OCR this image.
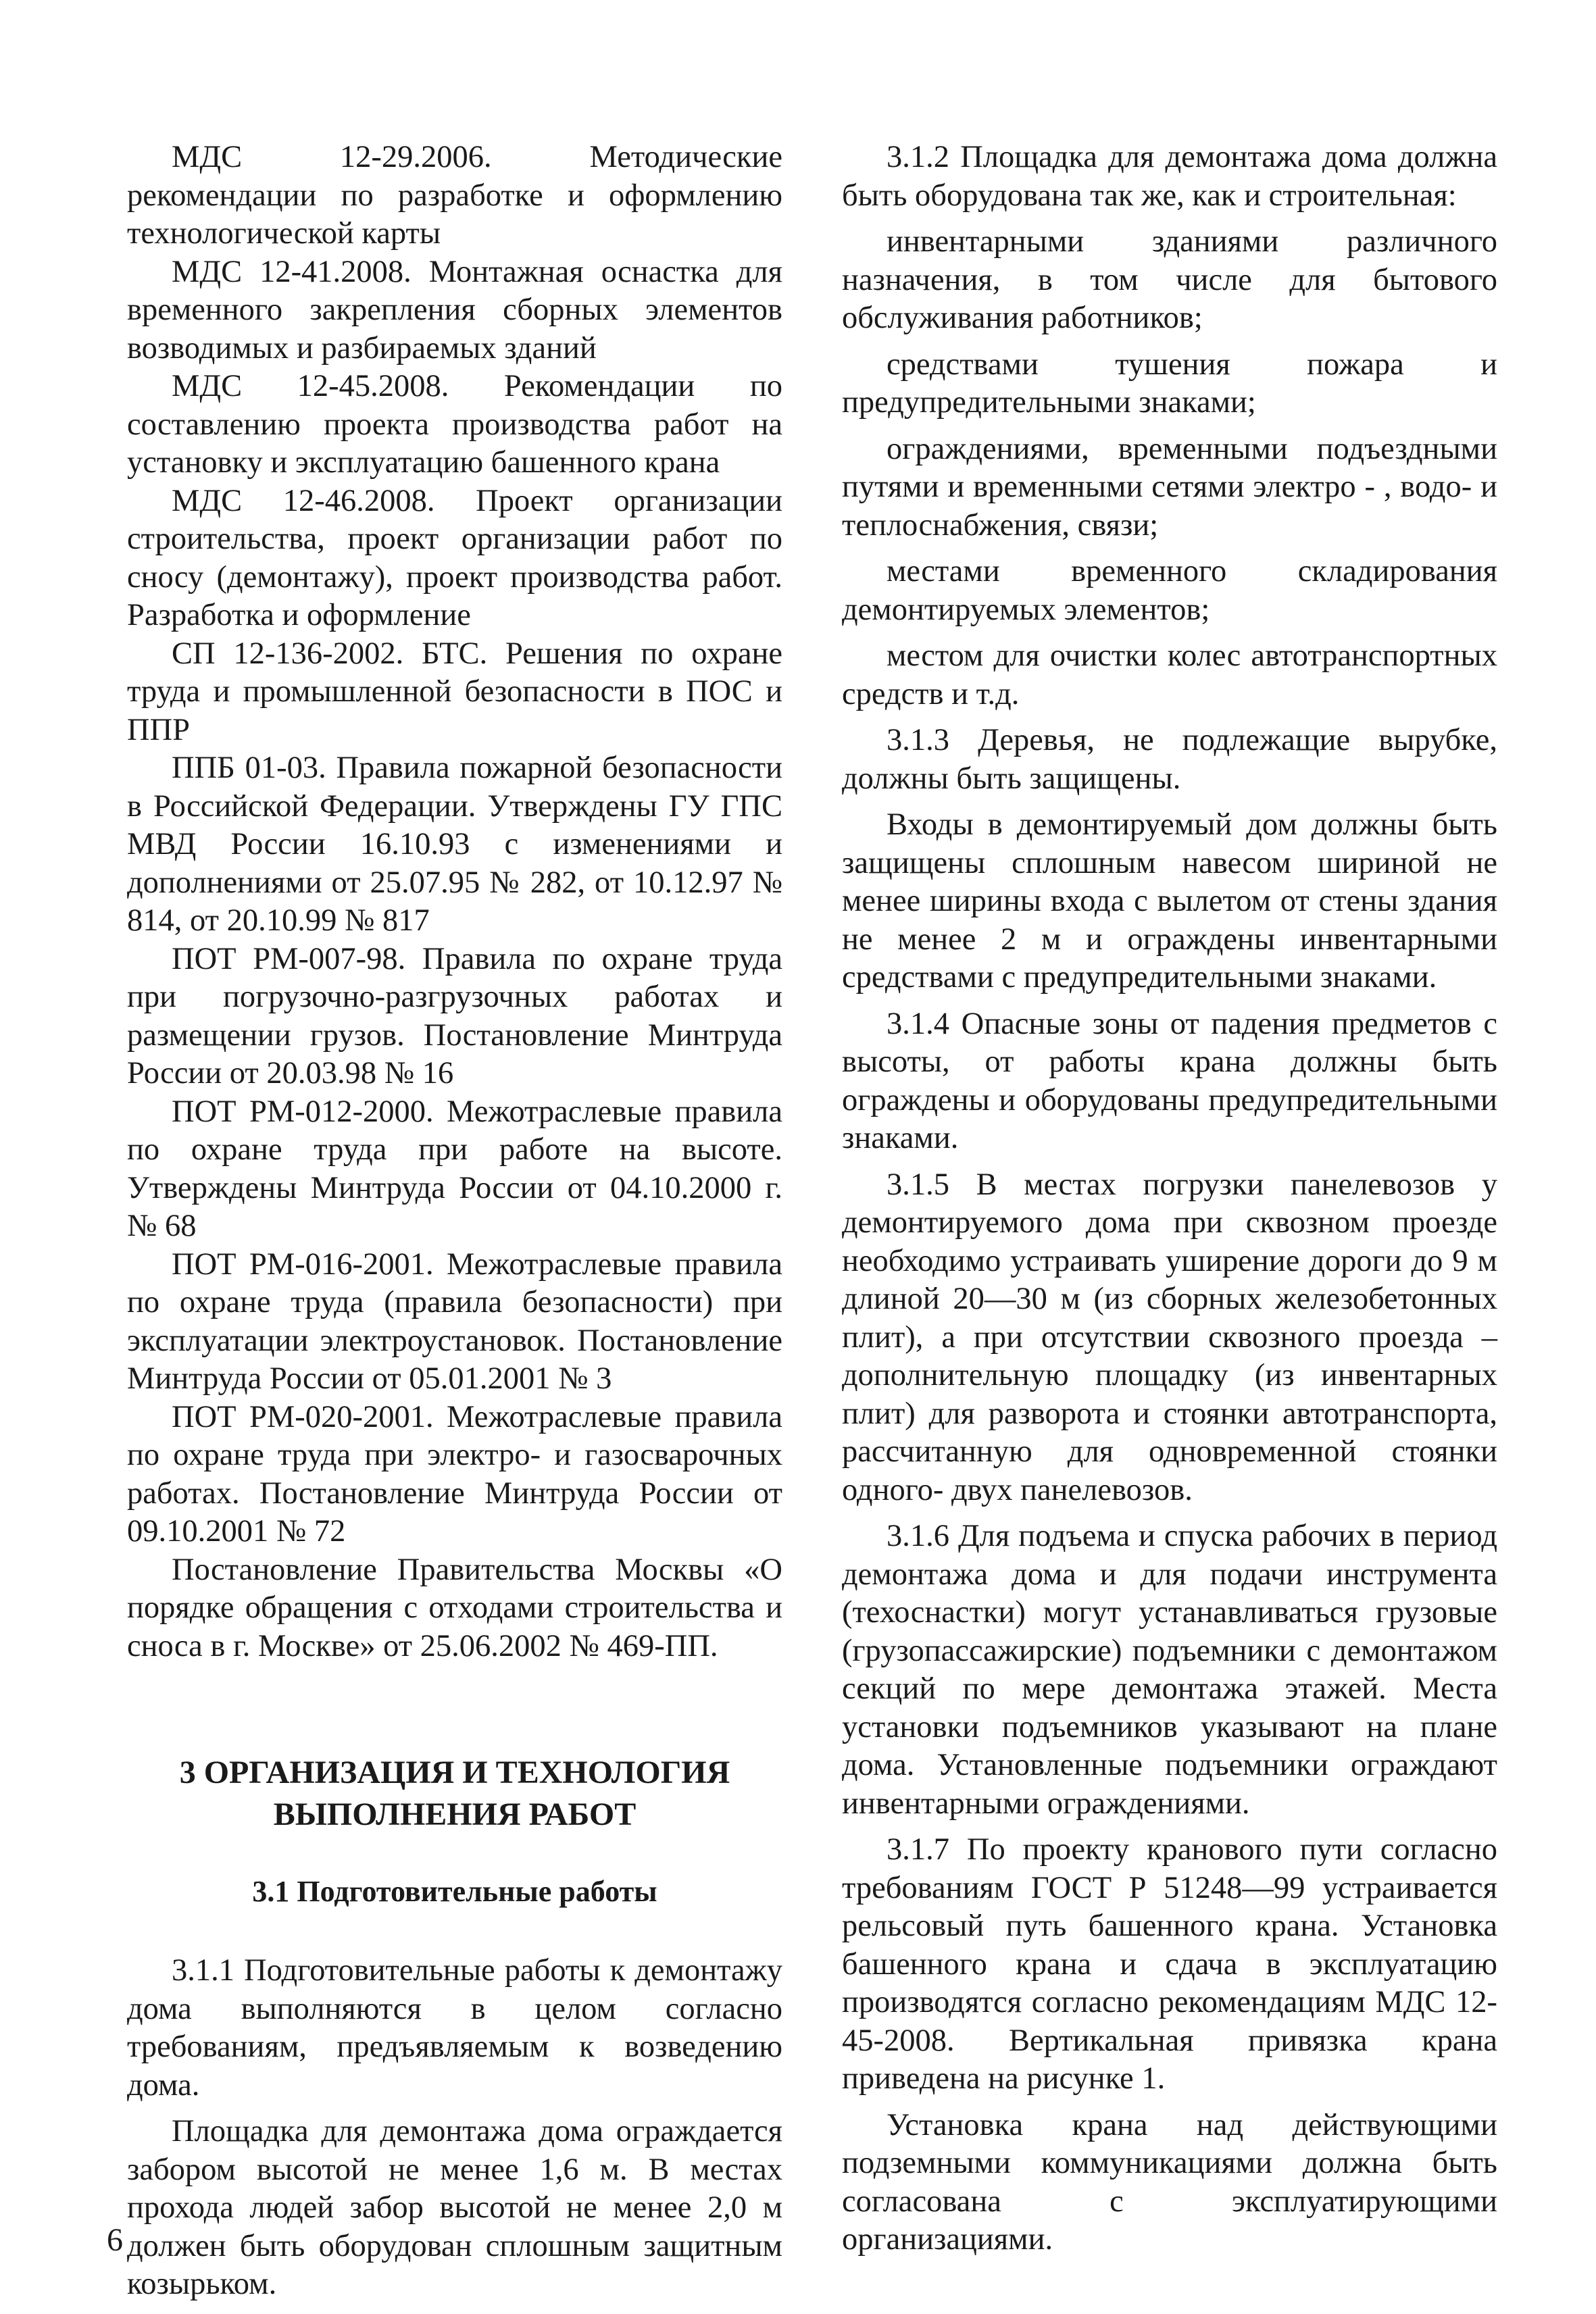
МДС 12-29.2006. Методические рекомендации по разработке и оформлению технологической карты

МДС 12-41.2008. Монтажная оснастка для временного закрепления сборных элементов возводимых и разбираемых зданий

МДС 12-45.2008. Рекомендации по составлению проекта производства работ на установку и эксплуатацию башенного крана

МДС 12-46.2008. Проект организации строительства, проект организации работ по сносу (демонтажу), проект производства работ. Разработка и оформление

СП 12-136-2002. БТС. Решения по охране труда и промышленной безопасности в ПОС и ППР

ППБ 01-03. Правила пожарной безопасности в Российской Федерации. Утверждены ГУ ГПС МВД России 16.10.93 с изменениями и дополнениями от 25.07.95 № 282, от 10.12.97 № 814, от 20.10.99 № 817

ПОТ РМ-007-98. Правила по охране труда при погрузочно-разгрузочных работах и размещении грузов. Постановление Минтруда России от 20.03.98 № 16

ПОТ РМ-012-2000. Межотраслевые правила по охране труда при работе на высоте. Утверждены Минтруда России от 04.10.2000 г. № 68

ПОТ РМ-016-2001. Межотраслевые правила по охране труда (правила безопасности) при эксплуатации электроустановок. Постановление Минтруда России от 05.01.2001 № 3

ПОТ РМ-020-2001. Межотраслевые правила по охране труда при электро- и газосварочных работах. Постановление Минтруда России от 09.10.2001 № 72

Постановление Правительства Москвы «О порядке обращения с отходами строительства и сноса в г. Москве» от 25.06.2002 № 469-ПП.

3 ОРГАНИЗАЦИЯ И ТЕХНОЛОГИЯ ВЫПОЛНЕНИЯ РАБОТ
3.1 Подготовительные работы

3.1.1 Подготовительные работы к демонтажу дома выполняются в целом согласно требованиям, предъявляемым к возведению дома.

Площадка для демонтажа дома ограждается забором высотой не менее 1,6 м. В местах прохода людей забор высотой не менее 2,0 м должен быть оборудован сплошным защитным козырьком.

3.1.2 Площадка для демонтажа дома должна быть оборудована так же, как и строительная:

инвентарными зданиями различного назначения, в том числе для бытового обслуживания работников;

средствами тушения пожара и предупредительными знаками;

ограждениями, временными подъездными путями и временными сетями электро - , водо- и теплоснабжения, связи;

местами временного складирования демонтируемых элементов;

местом для очистки колес автотранспортных средств и т.д.

3.1.3 Деревья, не подлежащие вырубке, должны быть защищены.

Входы в демонтируемый дом должны быть защищены сплошным навесом шириной не менее ширины входа с вылетом от стены здания не менее 2 м и ограждены инвентарными средствами с предупредительными знаками.

3.1.4 Опасные зоны от падения предметов с высоты, от работы крана должны быть ограждены и оборудованы предупредительными знаками.

3.1.5 В местах погрузки панелевозов у демонтируемого дома при сквозном проезде необходимо устраивать уширение дороги до 9 м длиной 20—30 м (из сборных железобетонных плит), а при отсутствии сквозного проезда – дополнительную площадку (из инвентарных плит) для разворота и стоянки автотранспорта, рассчитанную для одновременной стоянки одного- двух панелевозов.

3.1.6 Для подъема и спуска рабочих в период демонтажа дома и для подачи инструмента (техоснастки) могут устанавливаться грузовые (грузопассажирские) подъемники с демонтажом секций по мере демонтажа этажей. Места установки подъемников указывают на плане дома. Установленные подъемники ограждают инвентарными ограждениями.

3.1.7 По проекту кранового пути согласно требованиям ГОСТ Р 51248—99 устраивается рельсовый путь башенного крана. Установка башенного крана и сдача в эксплуатацию производятся согласно рекомендациям МДС 12-45-2008. Вертикальная привязка крана приведена на рисунке 1.

Установка крана над действующими подземными коммуникациями должна быть согласована с эксплуатирующими организациями.

6
